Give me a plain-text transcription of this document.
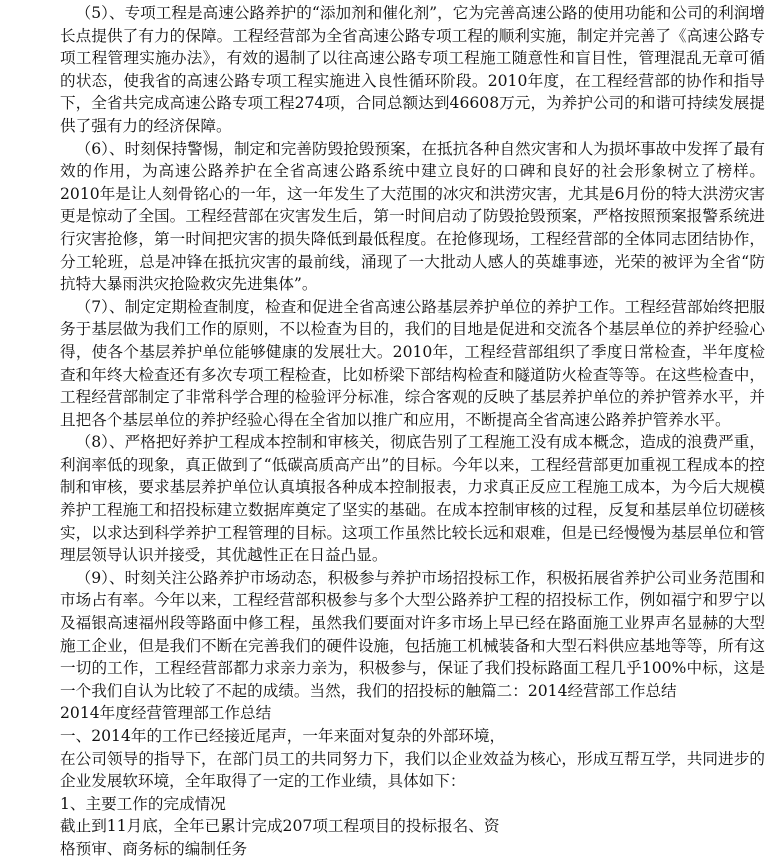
（5）、专项工程是高速公路养护的“添加剂和催化剂”，它为完善高速公路的使用功能和公司的利润增长点提供了有力的保障。工程经营部为全省高速公路专项工程的顺利实施，制定并完善了《高速公路专项工程管理实施办法》，有效的遏制了以往高速公路专项工程施工随意性和盲目性，管理混乱无章可循的状态，使我省的高速公路专项工程实施进入良性循环阶段。2010年度，在工程经营部的协作和指导下，全省共完成高速公路专项工程274项，合同总额达到46608万元，为养护公司的和谐可持续发展提供了强有力的经济保障。

（6）、时刻保持警惕，制定和完善防毁抢毁预案，在抵抗各种自然灾害和人为损坏事故中发挥了最有效的作用，为高速公路养护在全省高速公路系统中建立良好的口碑和良好的社会形象树立了榜样。2010年是让人刻骨铭心的一年，这一年发生了大范围的冰灾和洪涝灾害，尤其是6月份的特大洪涝灾害更是惊动了全国。工程经营部在灾害发生后，第一时间启动了防毁抢毁预案，严格按照预案报警系统进行灾害抢修，第一时间把灾害的损失降低到最低程度。在抢修现场，工程经营部的全体同志团结协作，分工轮班，总是冲锋在抵抗灾害的最前线，涌现了一大批动人感人的英雄事迹，光荣的被评为全省“防抗特大暴雨洪灾抢险救灾先进集体”。

（7）、制定定期检查制度，检查和促进全省高速公路基层养护单位的养护工作。工程经营部始终把服务于基层做为我们工作的原则，不以检查为目的，我们的目地是促进和交流各个基层单位的养护经验心得，使各个基层养护单位能够健康的发展壮大。2010年，工程经营部组织了季度日常检查，半年度检查和年终大检查还有多次专项工程检查，比如桥梁下部结构检查和隧道防火检查等等。在这些检查中，工程经营部制定了非常科学合理的检验评分标准，综合客观的反映了基层养护单位的养护管养水平，并且把各个基层单位的养护经验心得在全省加以推广和应用，不断提高全省高速公路养护管养水平。

（8）、严格把好养护工程成本控制和审核关，彻底告别了工程施工没有成本概念，造成的浪费严重，利润率低的现象，真正做到了“低碳高质高产出”的目标。今年以来，工程经营部更加重视工程成本的控制和审核，要求基层养护单位认真填报各种成本控制报表，力求真正反应工程施工成本，为今后大规模养护工程施工和招投标建立数据库奠定了坚实的基础。在成本控制审核的过程，反复和基层单位切磋核实，以求达到科学养护工程管理的目标。这项工作虽然比较长远和艰难，但是已经慢慢为基层单位和管理层领导认识并接受，其优越性正在日益凸显。

（9）、时刻关注公路养护市场动态，积极参与养护市场招投标工作，积极拓展省养护公司业务范围和市场占有率。今年以来，工程经营部积极参与多个大型公路养护工程的招投标工作，例如福宁和罗宁以及福银高速福州段等路面中修工程，虽然我们要面对许多市场上早已经在路面施工业界声名显赫的大型施工企业，但是我们不断在完善我们的硬件设施，包括施工机械装备和大型石料供应基地等等，所有这一切的工作，工程经营部都力求亲力亲为，积极参与，保证了我们投标路面工程几乎100%中标，这是一个我们自认为比较了不起的成绩。当然，我们的招投标的触篇二：2014经营部工作总结

2014年度经营管理部工作总结

一、2014年的工作已经接近尾声，一年来面对复杂的外部环境，

在公司领导的指导下，在部门员工的共同努力下，我们以企业效益为核心，形成互帮互学，共同进步的企业发展软环境，全年取得了一定的工作业绩，具体如下：

1、主要工作的完成情况

截止到11月底，全年已累计完成207项工程项目的投标报名、资

格预审、商务标的编制任务
